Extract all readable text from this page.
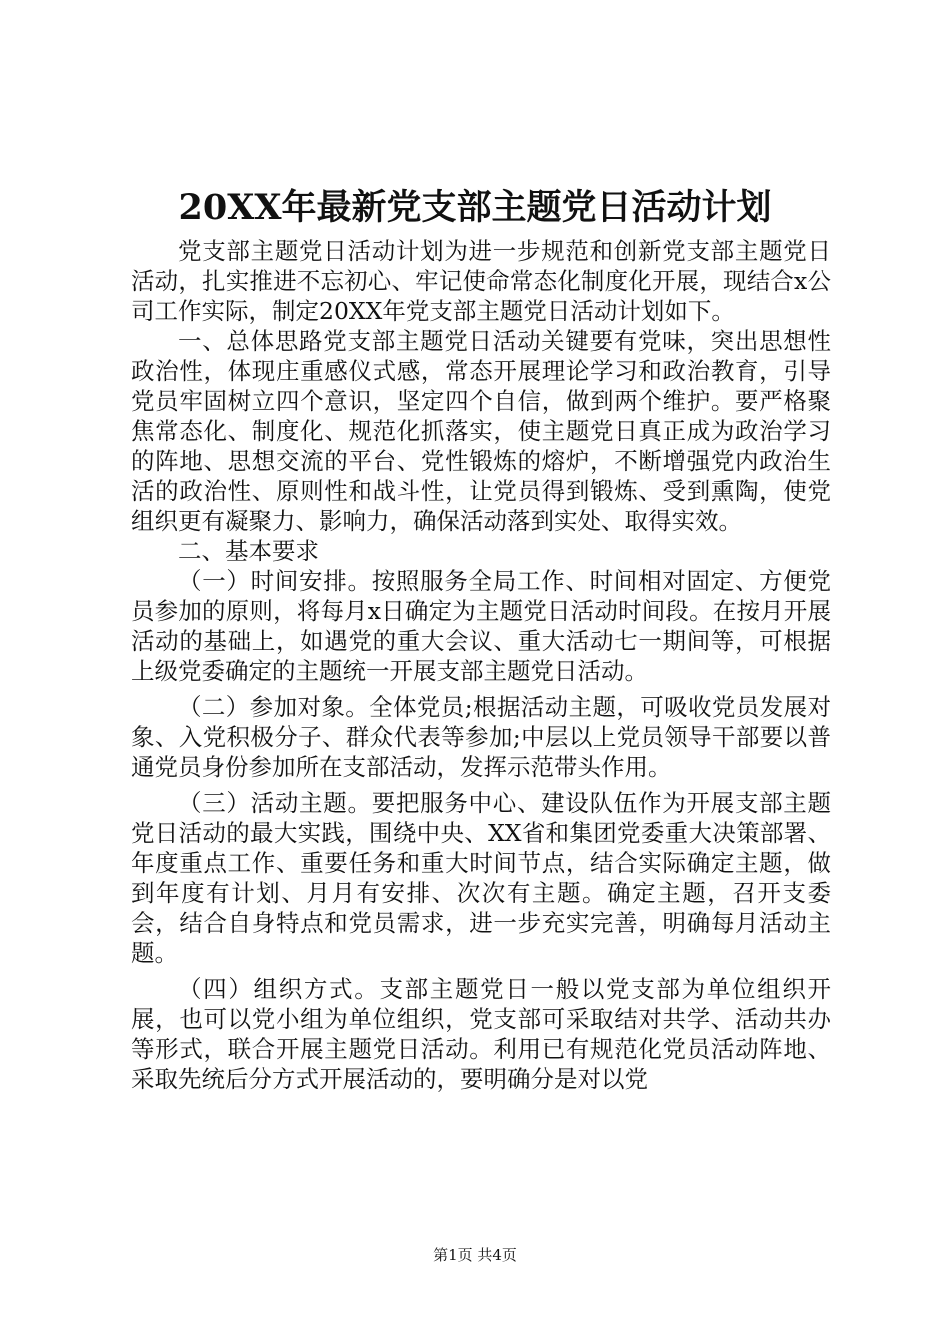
20XX年最新党支部主题党日活动计划

党支部主题党日活动计划为进一步规范和创新党支部主题党日活动，扎实推进不忘初心、牢记使命常态化制度化开展，现结合x公司工作实际，制定20XX年党支部主题党日活动计划如下。

一、总体思路党支部主题党日活动关键要有党味，突出思想性政治性，体现庄重感仪式感，常态开展理论学习和政治教育，引导党员牢固树立四个意识，坚定四个自信，做到两个维护。要严格聚焦常态化、制度化、规范化抓落实，使主题党日真正成为政治学习的阵地、思想交流的平台、党性锻炼的熔炉，不断增强党内政治生活的政治性、原则性和战斗性，让党员得到锻炼、受到熏陶，使党组织更有凝聚力、影响力，确保活动落到实处、取得实效。

二、基本要求

（一）时间安排。按照服务全局工作、时间相对固定、方便党员参加的原则，将每月x日确定为主题党日活动时间段。在按月开展活动的基础上，如遇党的重大会议、重大活动七一期间等，可根据上级党委确定的主题统一开展支部主题党日活动。

（二）参加对象。全体党员;根据活动主题，可吸收党员发展对象、入党积极分子、群众代表等参加;中层以上党员领导干部要以普通党员身份参加所在支部活动，发挥示范带头作用。

（三）活动主题。要把服务中心、建设队伍作为开展支部主题党日活动的最大实践，围绕中央、XX省和集团党委重大决策部署、年度重点工作、重要任务和重大时间节点，结合实际确定主题，做到年度有计划、月月有安排、次次有主题。确定主题，召开支委会，结合自身特点和党员需求，进一步充实完善，明确每月活动主题。

（四）组织方式。支部主题党日一般以党支部为单位组织开展，也可以党小组为单位组织，党支部可采取结对共学、活动共办等形式，联合开展主题党日活动。利用已有规范化党员活动阵地、采取先统后分方式开展活动的，要明确分是对以党

第1页 共4页
